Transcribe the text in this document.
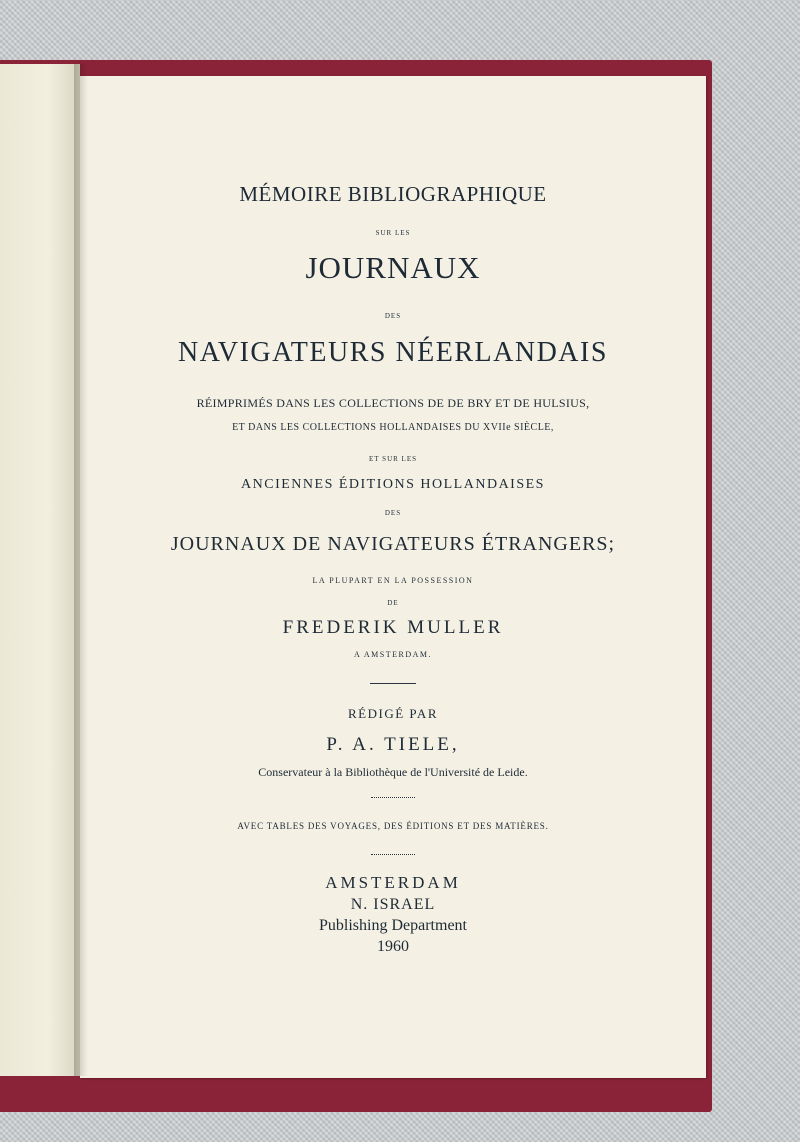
MÉMOIRE BIBLIOGRAPHIQUE
SUR LES
JOURNAUX
DES
NAVIGATEURS NÉERLANDAIS
RÉIMPRIMÉS DANS LES COLLECTIONS DE DE BRY ET DE HULSIUS,
ET DANS LES COLLECTIONS HOLLANDAISES DU XVIIe SIÈCLE,
ET SUR LES
ANCIENNES ÉDITIONS HOLLANDAISES
DES
JOURNAUX DE NAVIGATEURS ÉTRANGERS;
LA PLUPART EN LA POSSESSION
DE
FREDERIK MULLER
A AMSTERDAM.
RÉDIGÉ PAR
P. A. TIELE,
Conservateur à la Bibliothèque de l'Université de Leide.
AVEC TABLES DES VOYAGES, DES ÉDITIONS ET DES MATIÈRES.
AMSTERDAM
N. ISRAEL
Publishing Department
1960
